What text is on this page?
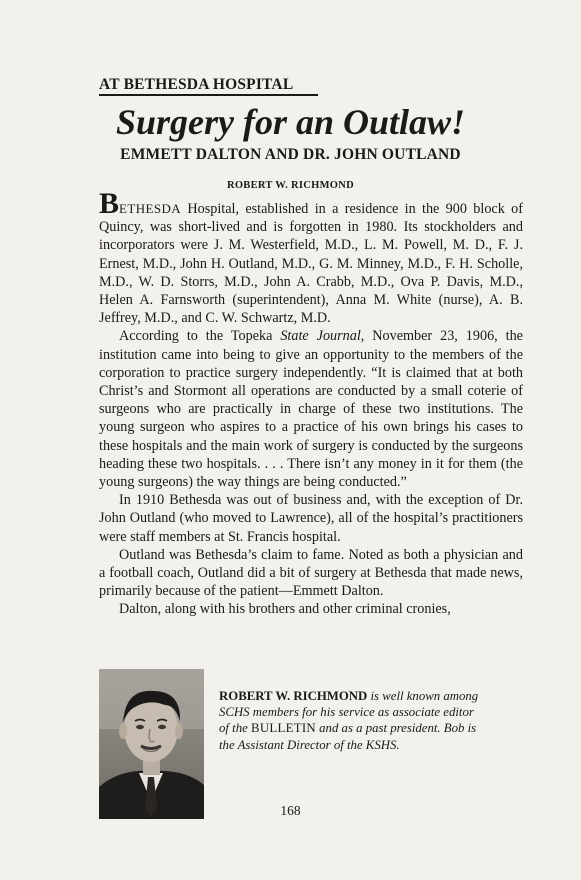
AT BETHESDA HOSPITAL
Surgery for an Outlaw!
EMMETT DALTON AND DR. JOHN OUTLAND
ROBERT W. RICHMOND

BETHESDA Hospital, established in a residence in the 900 block of Quincy, was short-lived and is forgotten in 1980. Its stockholders and incorporators were J. M. Westerfield, M.D., L. M. Powell, M. D., F. J. Ernest, M.D., John H. Outland, M.D., G. M. Minney, M.D., F. H. Scholle, M.D., W. D. Storrs, M.D., John A. Crabb, M.D., Ova P. Davis, M.D., Helen A. Farnsworth (superintendent), Anna M. White (nurse), A. B. Jeffrey, M.D., and C. W. Schwartz, M.D.

According to the Topeka State Journal, November 23, 1906, the institution came into being to give an opportunity to the members of the corporation to practice surgery independently. “It is claimed that at both Christ’s and Stormont all operations are conducted by a small coterie of surgeons who are practically in charge of these two institutions. The young surgeon who aspires to a practice of his own brings his cases to these hospitals and the main work of surgery is conducted by the surgeons heading these two hospitals. . . . There isn’t any money in it for them (the young surgeons) the way things are being conducted.”

In 1910 Bethesda was out of business and, with the exception of Dr. John Outland (who moved to Lawrence), all of the hospital’s practitioners were staff members at St. Francis hospital.

Outland was Bethesda’s claim to fame. Noted as both a physician and a football coach, Outland did a bit of surgery at Bethesda that made news, primarily because of the patient—Emmett Dalton.

Dalton, along with his brothers and other criminal cronies,

ROBERT W. RICHMOND is well known among SCHS members for his service as associate editor of the BULLETIN and as a past president. Bob is the Assistant Director of the KSHS.

168
